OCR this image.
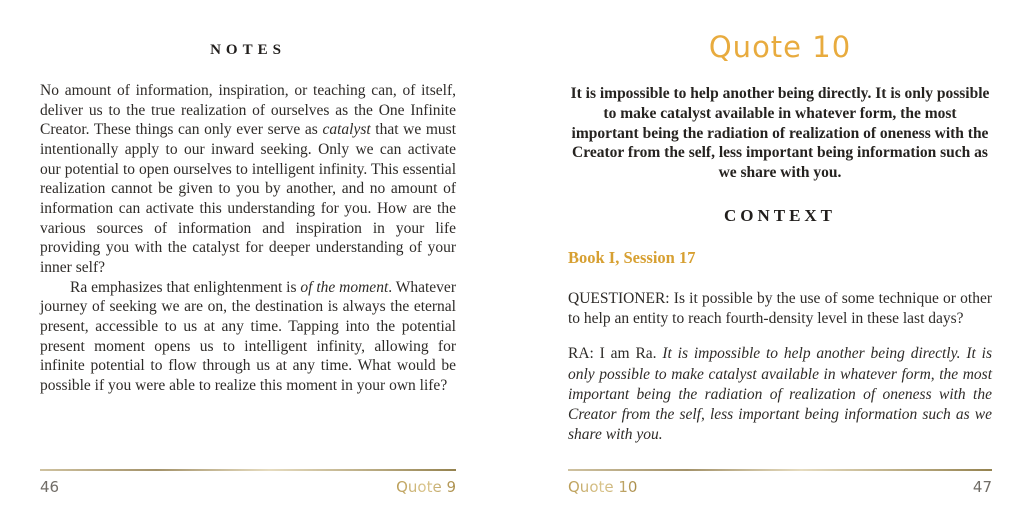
NOTES

No amount of information, inspiration, or teaching can, of itself, deliver us to the true realization of ourselves as the One Infinite Creator. These things can only ever serve as catalyst that we must intentionally apply to our inward seeking. Only we can activate our potential to open ourselves to intelligent infinity. This essential realization cannot be given to you by another, and no amount of information can activate this understanding for you. How are the various sources of information and inspiration in your life providing you with the catalyst for deeper understanding of your inner self?

Ra emphasizes that enlightenment is of the moment. Whatever journey of seeking we are on, the destination is always the eternal present, accessible to us at any time. Tapping into the potential present moment opens us to intelligent infinity, allowing for infinite potential to flow through us at any time. What would be possible if you were able to realize this moment in your own life?

46	Quote 9
Quote 10

It is impossible to help another being directly. It is only possible to make catalyst available in whatever form, the most important being the radiation of realization of oneness with the Creator from the self, less important being information such as we share with you.

CONTEXT

Book I, Session 17

QUESTIONER: Is it possible by the use of some technique or other to help an entity to reach fourth-density level in these last days?

RA: I am Ra. It is impossible to help another being directly. It is only possible to make catalyst available in whatever form, the most important being the radiation of realization of oneness with the Creator from the self, less important being information such as we share with you.

Quote 10	47
